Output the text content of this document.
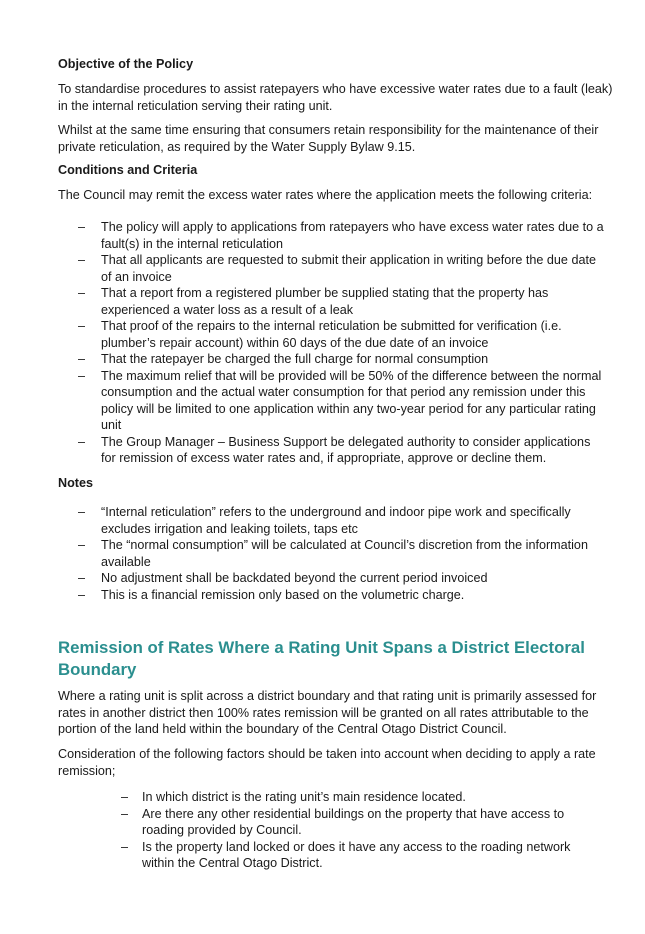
Objective of the Policy

To standardise procedures to assist ratepayers who have excessive water rates due to a fault (leak) in the internal reticulation serving their rating unit.

Whilst at the same time ensuring that consumers retain responsibility for the maintenance of their private reticulation, as required by the Water Supply Bylaw 9.15.

Conditions and Criteria

The Council may remit the excess water rates where the application meets the following criteria:

– The policy will apply to applications from ratepayers who have excess water rates due to a fault(s) in the internal reticulation
– That all applicants are requested to submit their application in writing before the due date of an invoice
– That a report from a registered plumber be supplied stating that the property has experienced a water loss as a result of a leak
– That proof of the repairs to the internal reticulation be submitted for verification (i.e. plumber’s repair account) within 60 days of the due date of an invoice
– That the ratepayer be charged the full charge for normal consumption
– The maximum relief that will be provided will be 50% of the difference between the normal consumption and the actual water consumption for that period any remission under this policy will be limited to one application within any two-year period for any particular rating unit
– The Group Manager – Business Support be delegated authority to consider applications for remission of excess water rates and, if appropriate, approve or decline them.
Notes
– “Internal reticulation” refers to the underground and indoor pipe work and specifically excludes irrigation and leaking toilets, taps etc
– The “normal consumption” will be calculated at Council’s discretion from the information available
– No adjustment shall be backdated beyond the current period invoiced
– This is a financial remission only based on the volumetric charge.
Remission of Rates Where a Rating Unit Spans a District Electoral Boundary

Where a rating unit is split across a district boundary and that rating unit is primarily assessed for rates in another district then 100% rates remission will be granted on all rates attributable to the portion of the land held within the boundary of the Central Otago District Council.

Consideration of the following factors should be taken into account when deciding to apply a rate remission;

– In which district is the rating unit’s main residence located.
– Are there any other residential buildings on the property that have access to roading provided by Council.
– Is the property land locked or does it have any access to the roading network within the Central Otago District.
